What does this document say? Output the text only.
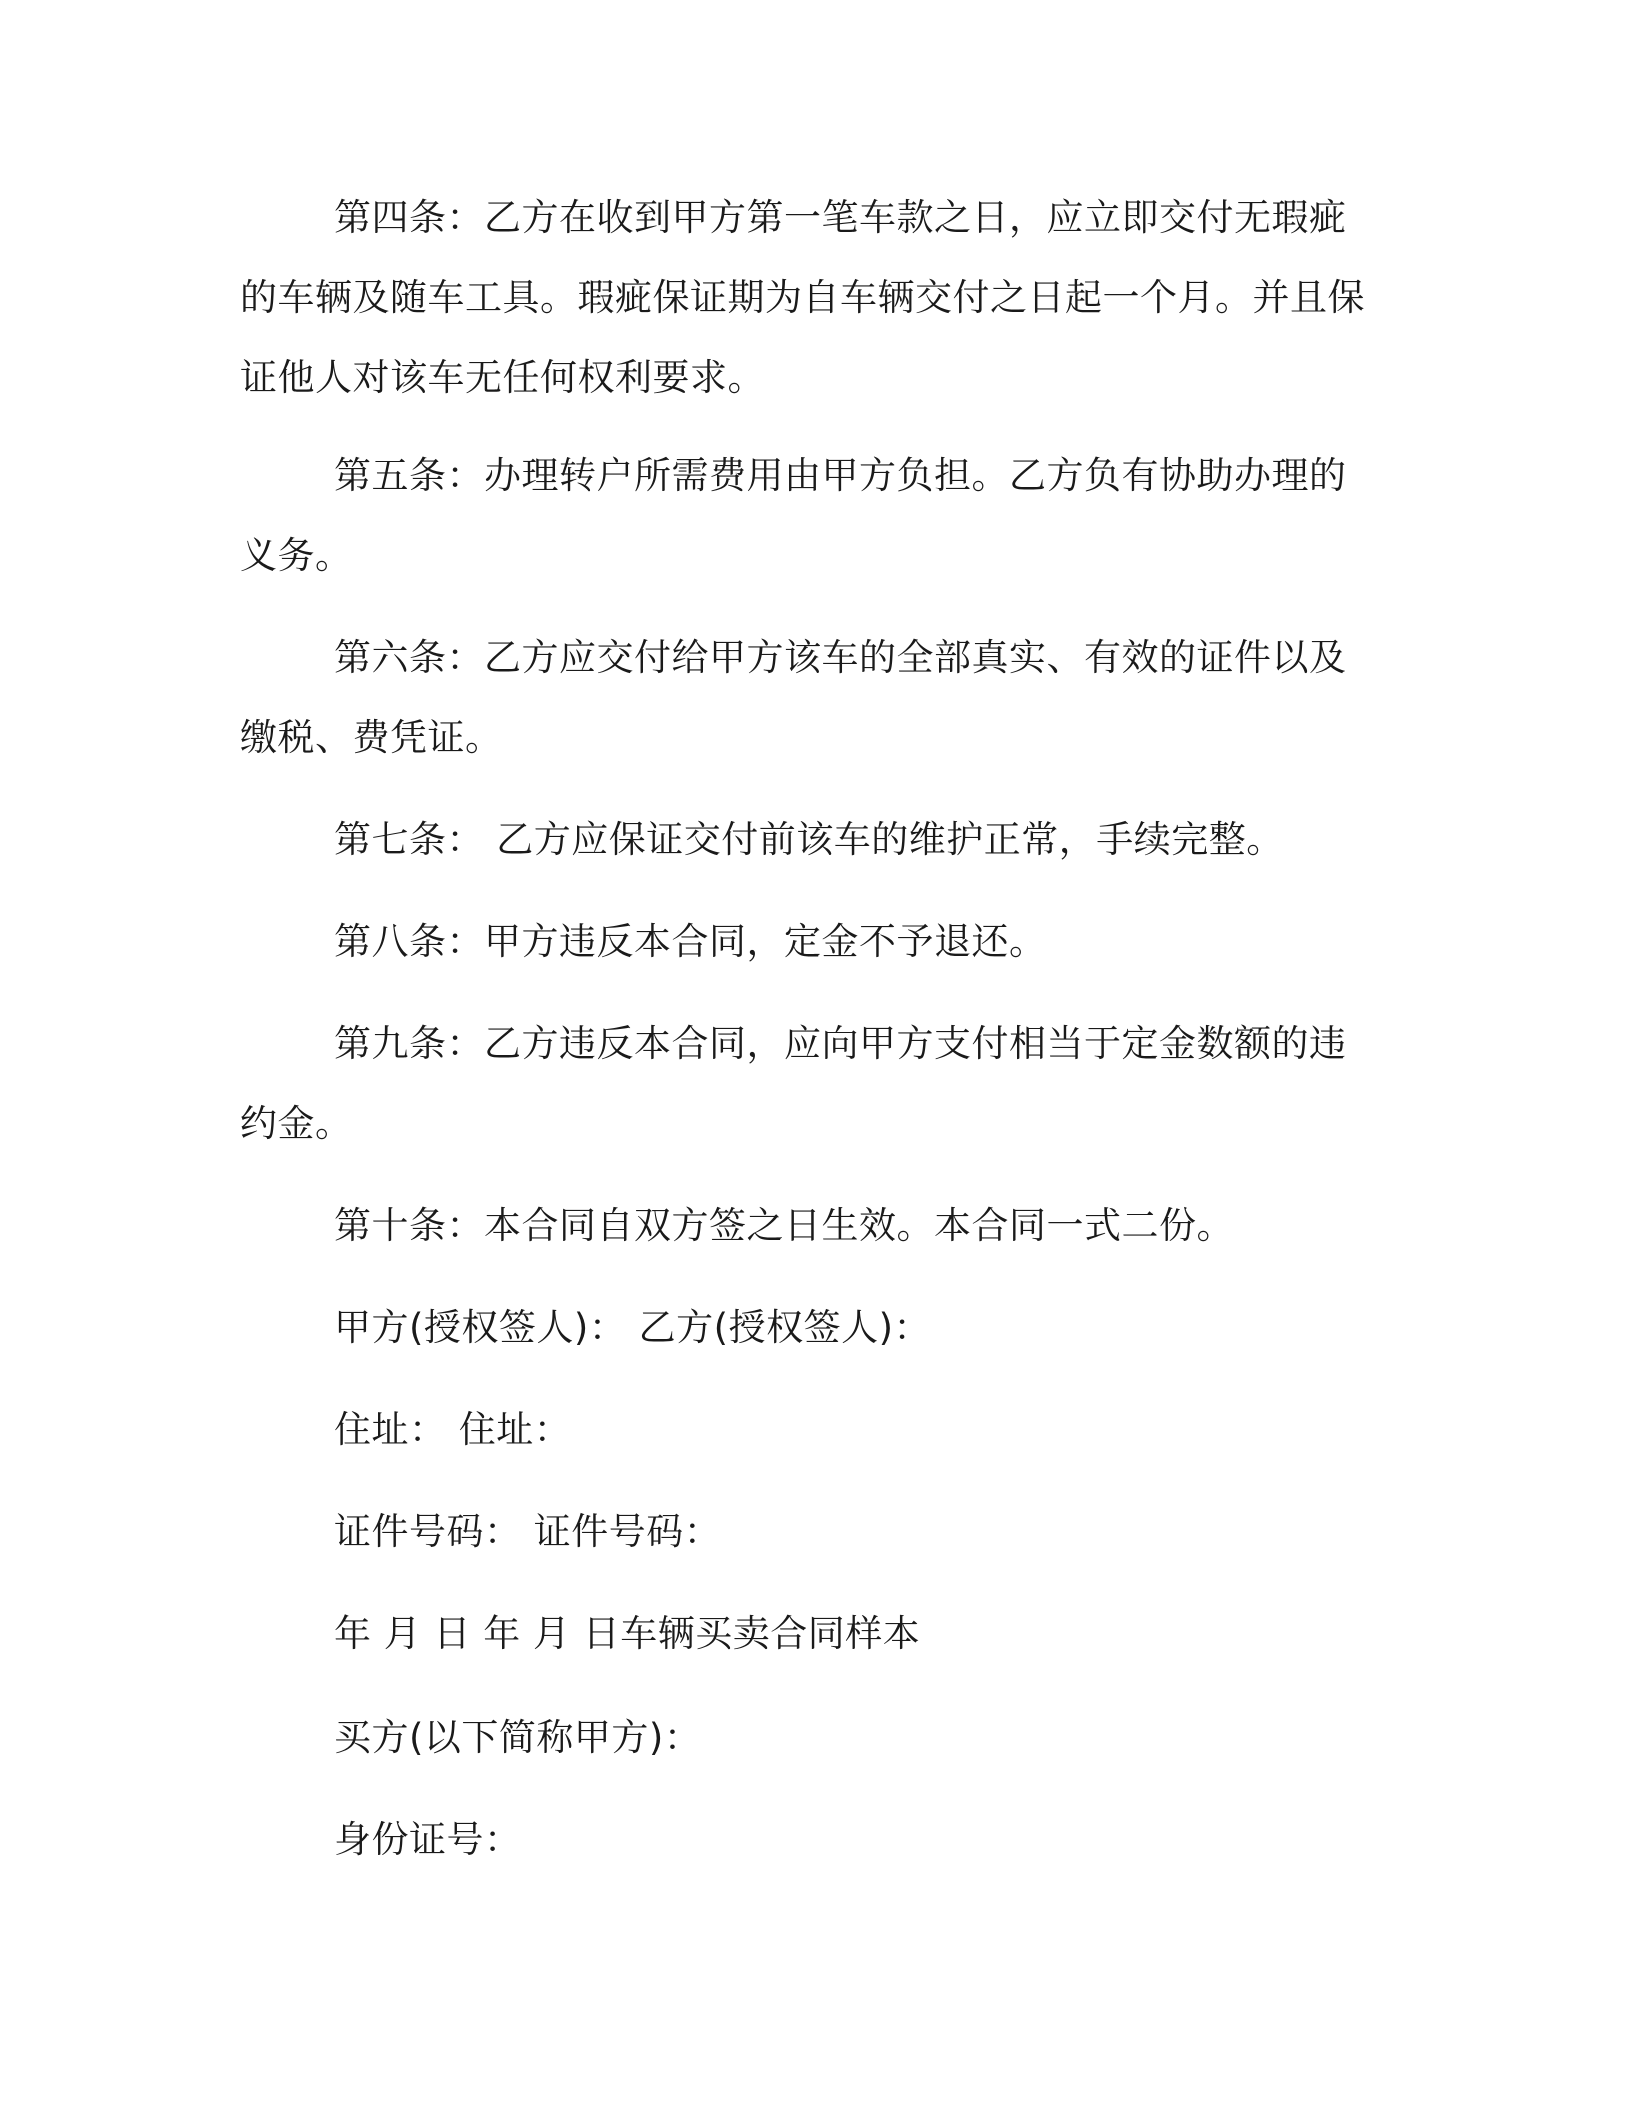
第四条：乙方在收到甲方第一笔车款之日，应立即交付无瑕疵的车辆及随车工具。瑕疵保证期为自车辆交付之日起一个月。并且保证他人对该车无任何权利要求。

第五条：办理转户所需费用由甲方负担。乙方负有协助办理的义务。

第六条：乙方应交付给甲方该车的全部真实、有效的证件以及缴税、费凭证。

第七条： 乙方应保证交付前该车的维护正常，手续完整。

第八条：甲方违反本合同，定金不予退还。

第九条：乙方违反本合同，应向甲方支付相当于定金数额的违约金。

第十条：本合同自双方签之日生效。本合同一式二份。

甲方(授权签人)： 乙方(授权签人)：

住址： 住址：

证件号码： 证件号码：

年 月 日 年 月 日车辆买卖合同样本

买方(以下简称甲方)：

身份证号：
